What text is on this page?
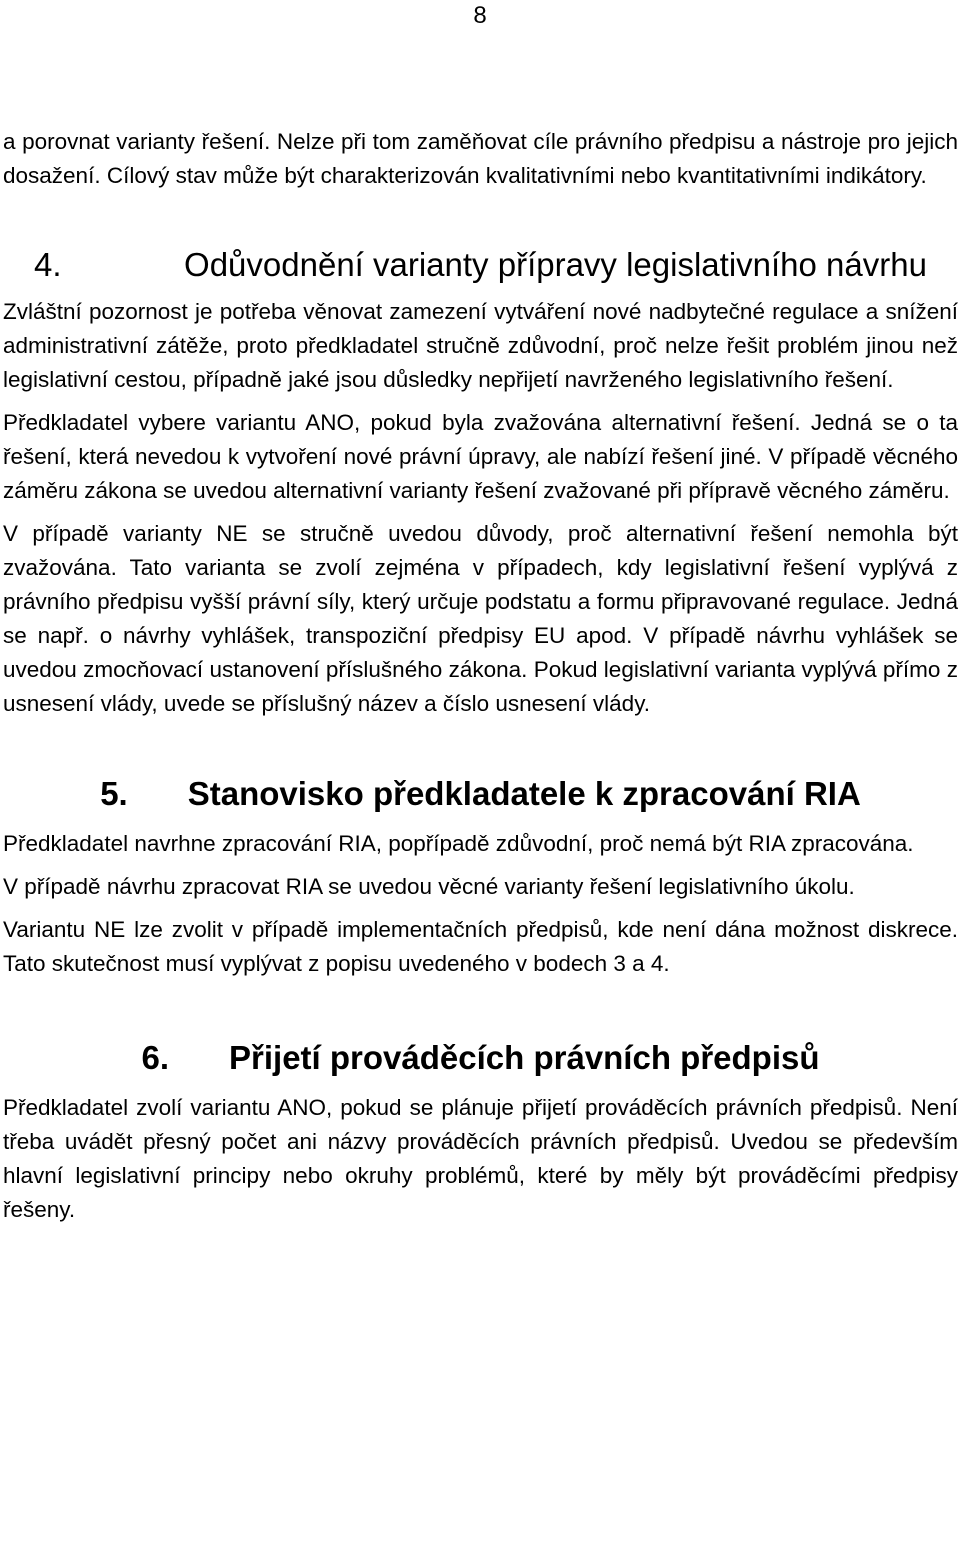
8

a porovnat varianty řešení. Nelze při tom zaměňovat cíle právního předpisu a nástroje pro jejich dosažení. Cílový stav může být charakterizován kvalitativními nebo kvantitativními indikátory.

4.	Odůvodnění varianty přípravy legislativního návrhu

Zvláštní pozornost je potřeba věnovat zamezení vytváření nové nadbytečné regulace a snížení administrativní zátěže, proto předkladatel stručně zdůvodní, proč nelze řešit problém jinou než legislativní cestou, případně jaké jsou důsledky nepřijetí navrženého legislativního řešení.

Předkladatel vybere variantu ANO, pokud byla zvažována alternativní řešení. Jedná se o ta řešení, která nevedou k vytvoření nové právní úpravy, ale nabízí řešení jiné. V případě věcného záměru zákona se uvedou alternativní varianty řešení zvažované při přípravě věcného záměru.

V případě varianty NE se stručně uvedou důvody, proč alternativní řešení nemohla být zvažována. Tato varianta se zvolí zejména v případech, kdy legislativní řešení vyplývá z právního předpisu vyšší právní síly, který určuje podstatu a formu připravované regulace. Jedná se např. o návrhy vyhlášek, transpoziční předpisy EU apod. V případě návrhu vyhlášek se uvedou zmocňovací ustanovení příslušného zákona. Pokud legislativní varianta vyplývá přímo z usnesení vlády, uvede se příslušný název a číslo usnesení vlády.

5. Stanovisko předkladatele k zpracování RIA

Předkladatel navrhne zpracování RIA, popřípadě zdůvodní, proč nemá být RIA zpracována.

V případě návrhu zpracovat RIA se uvedou věcné varianty řešení legislativního úkolu.

Variantu NE lze zvolit v případě implementačních předpisů, kde není dána možnost diskrece. Tato skutečnost musí vyplývat z popisu uvedeného v bodech 3 a 4.

6. Přijetí prováděcích právních předpisů

Předkladatel zvolí variantu ANO, pokud se plánuje přijetí prováděcích právních předpisů. Není třeba uvádět přesný počet ani názvy prováděcích právních předpisů. Uvedou se především hlavní legislativní principy nebo okruhy problémů, které by měly být prováděcími předpisy řešeny.
